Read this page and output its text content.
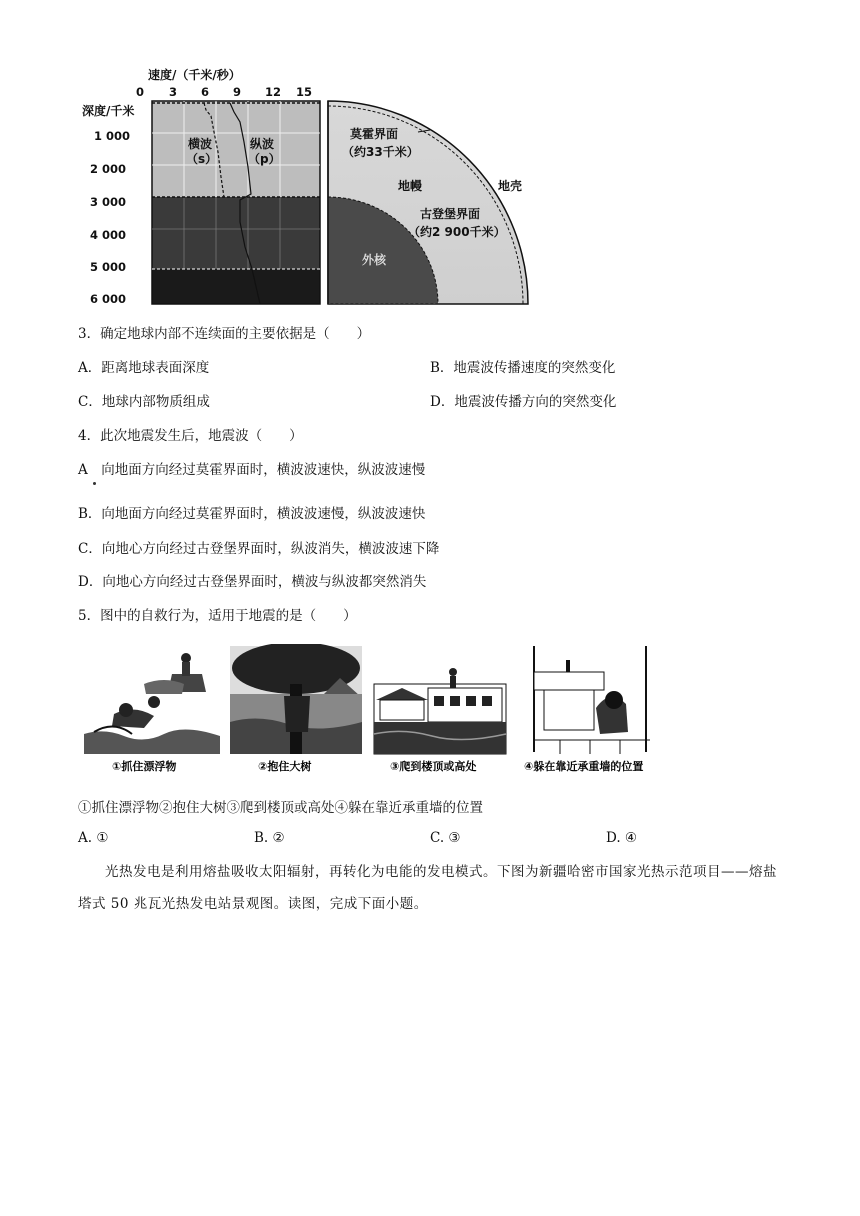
速度/（千米/秒）
0 3 6 9 12 15
深度/千米
1 000
2 000
3 000
4 000
5 000
6 000
横波
（s）
纵波
（p）
莫霍界面
（约33千米）
地幔	地壳
古登堡界面
（约2 900千米）
外核
3．确定地球内部不连续面的主要依据是（　　）
A．距离地球表面深度	B．地震波传播速度的突然变化
C．地球内部物质组成	D．地震波传播方向的突然变化
4．此次地震发生后，地震波（　　）
A　向地面方向经过莫霍界面时，横波波速快，纵波波速慢
B．向地面方向经过莫霍界面时，横波波速慢，纵波波速快
C．向地心方向经过古登堡界面时，纵波消失，横波波速下降
D．向地心方向经过古登堡界面时，横波与纵波都突然消失
5．图中的自救行为，适用于地震的是（　　）
①抓住漂浮物	②抱住大树	③爬到楼顶或高处	④躲在靠近承重墙的位置
①抓住漂浮物②抱住大树③爬到楼顶或高处④躲在靠近承重墙的位置
A. ①	B. ②	C. ③	D. ④
光热发电是利用熔盐吸收太阳辐射，再转化为电能的发电模式。下图为新疆哈密市国家光热示范项目——熔盐塔式 50 兆瓦光热发电站景观图。读图，完成下面小题。
